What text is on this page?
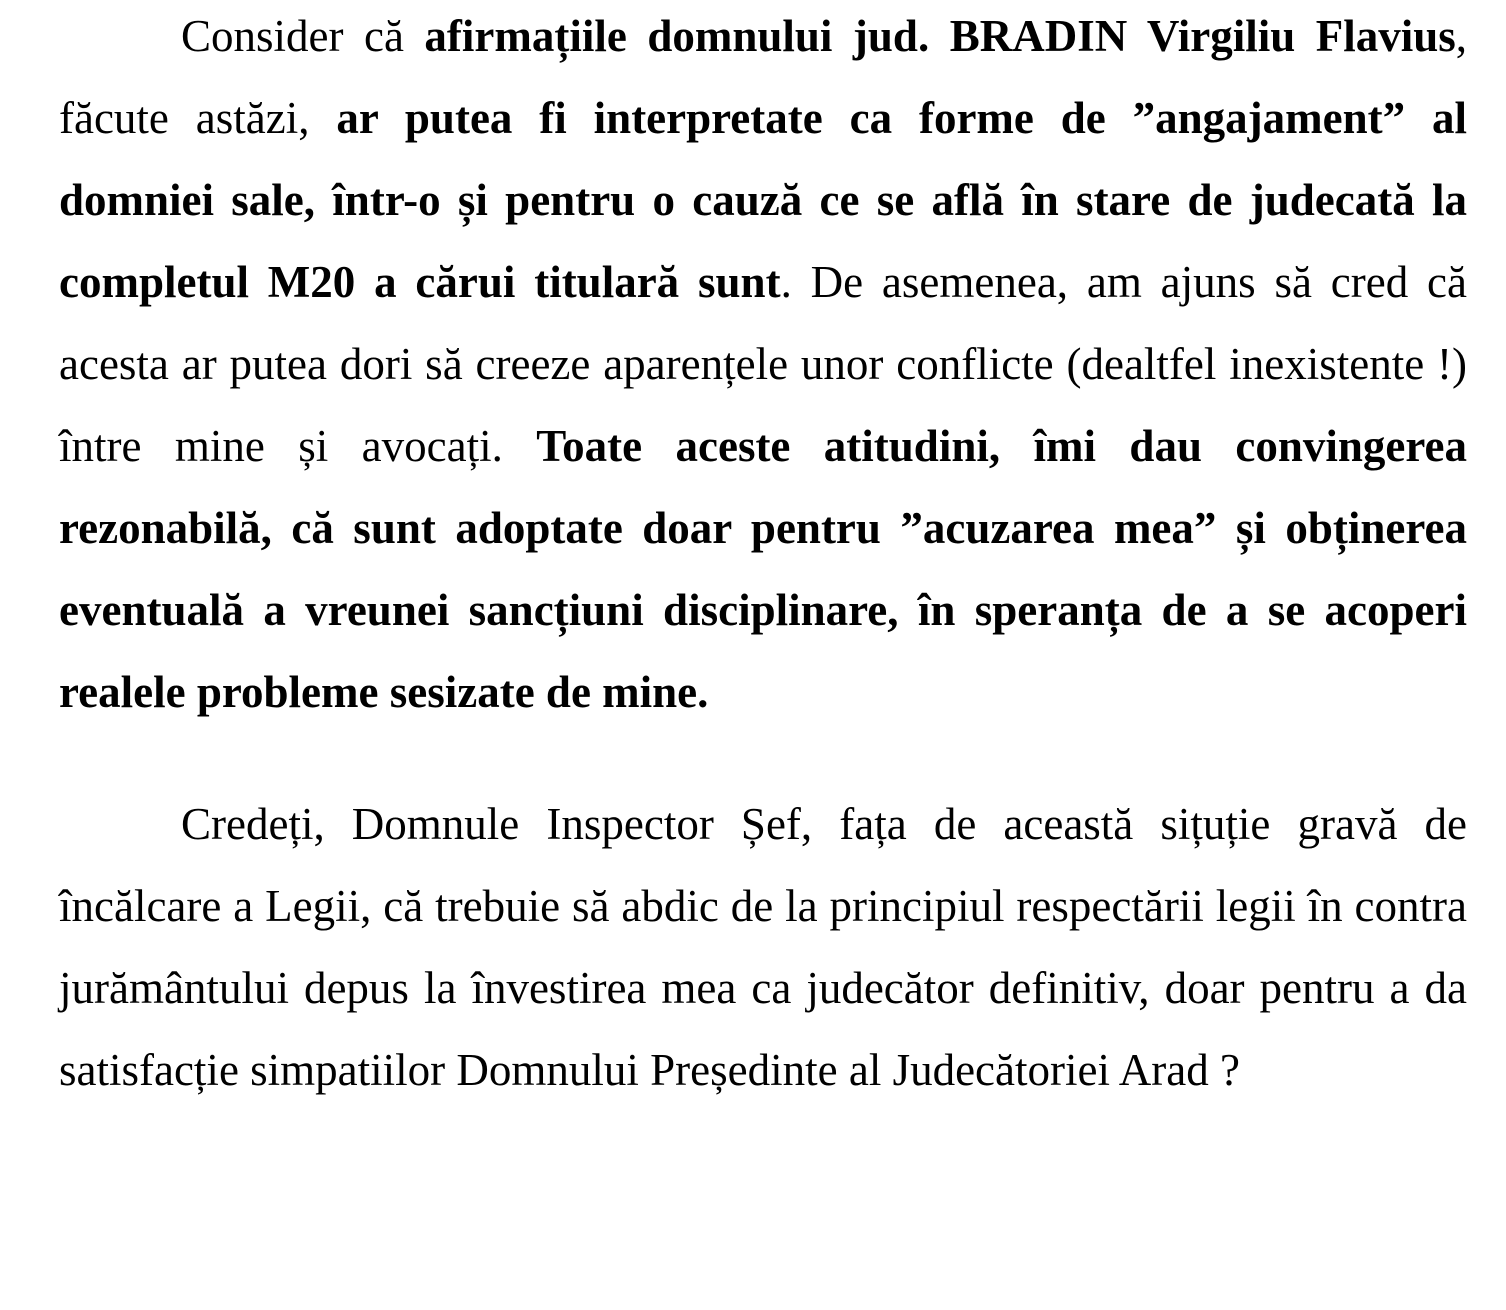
Consider că afirmațiile domnului jud. BRADIN Virgiliu Flavius, făcute astăzi, ar putea fi interpretate ca forme de ”angajament” al domniei sale, într-o și pentru o cauză ce se află în stare de judecată la completul M20 a cărui titulară sunt. De asemenea, am ajuns să cred că acesta ar putea dori să creeze aparențele unor conflicte (dealtfel inexistente !) între mine și avocați. Toate aceste atitudini, îmi dau convingerea rezonabilă, că sunt adoptate doar pentru ”acuzarea mea” și obținerea eventuală a vreunei sancțiuni disciplinare, în speranța de a se acoperi realele probleme sesizate de mine.

Credeți, Domnule Inspector Șef, fața de această sițuție gravă de încălcare a Legii, că trebuie să abdic de la principiul respectării legii în contra jurământului depus la învestirea mea ca judecător definitiv, doar pentru a da satisfacție simpatiilor Domnului Președinte al Judecătoriei Arad ?
